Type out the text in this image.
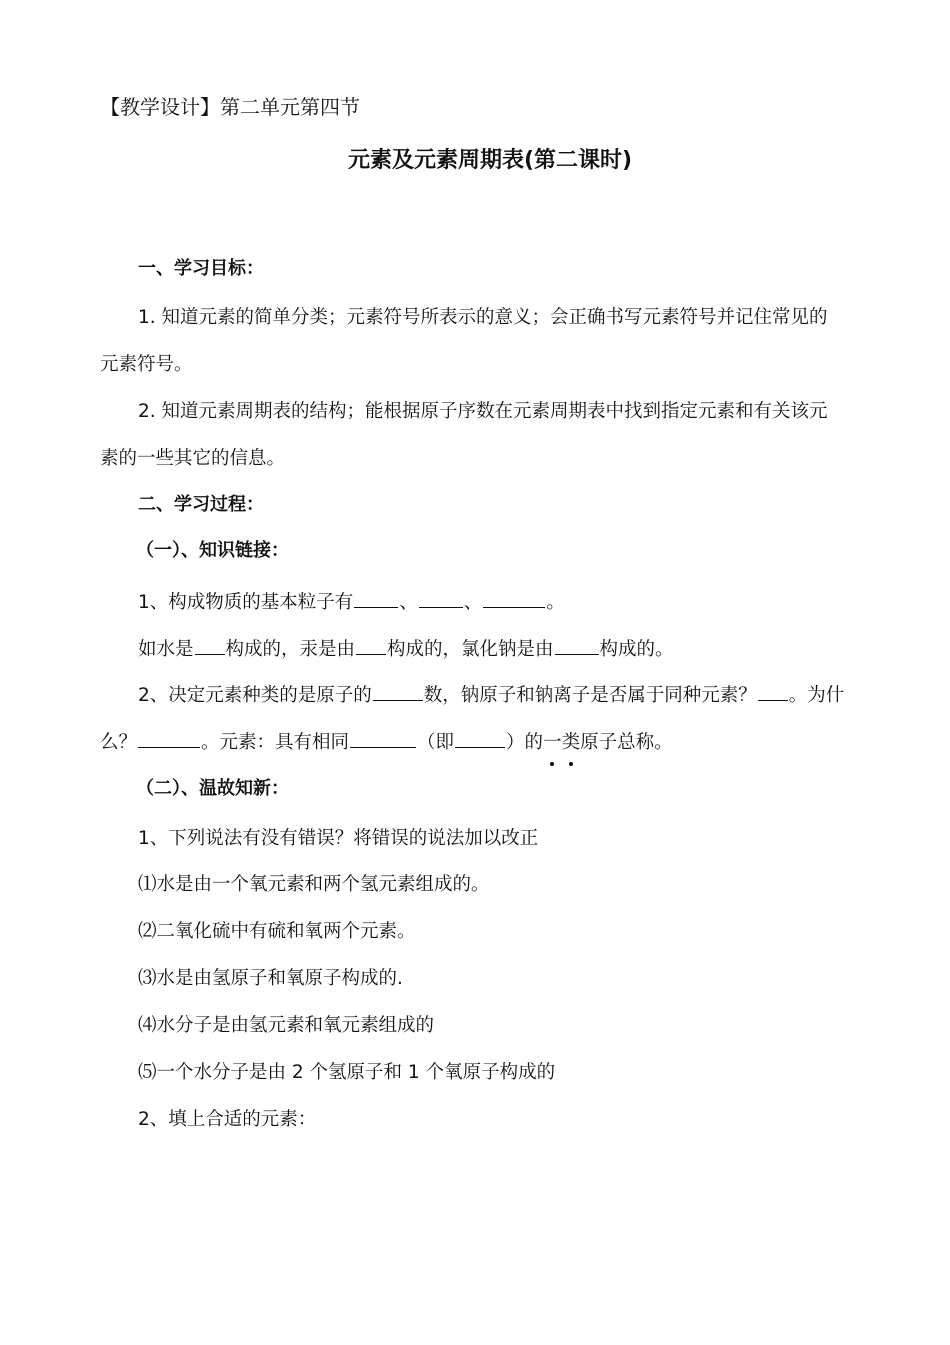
【教学设计】第二单元第四节
元素及元素周期表(第二课时)
一、学习目标：
1. 知道元素的简单分类；元素符号所表示的意义；会正确书写元素符号并记住常见的
元素符号。
2. 知道元素周期表的结构；能根据原子序数在元素周期表中找到指定元素和有关该元
素的一些其它的信息。
二、学习过程：
（一）、知识链接：
1、构成物质的基本粒子有 、 、	。
如水是 构成的，汞是由 构成的，氯化钠是由 构成的。
2、决定元素种类的是原子的	数，钠原子和钠离子是否属于同种元素？ 。为什
么？	。元素：具有相同	（即	）的一类原子总称。
（二）、温故知新：
1、下列说法有没有错误？将错误的说法加以改正
⑴水是由一个氧元素和两个氢元素组成的。
⑵二氧化硫中有硫和氧两个元素。
⑶水是由氢原子和氧原子构成的.
⑷水分子是由氢元素和氧元素组成的
⑸一个水分子是由 2 个氢原子和 1 个氧原子构成的
2、填上合适的元素：
